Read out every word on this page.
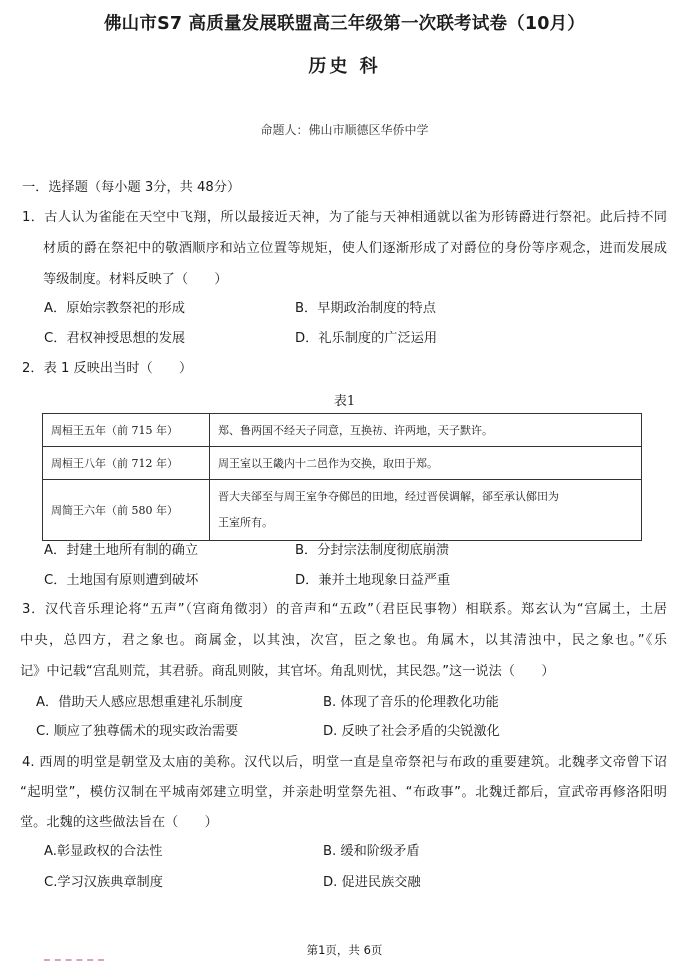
佛山市S7 高质量发展联盟高三年级第一次联考试卷（10月）
历史 科
命题人：佛山市顺德区华侨中学
一．选择题（每小题 3分，共 48分）
1．古人认为雀能在天空中飞翔，所以最接近天神，为了能与天神相通就以雀为形铸爵进行祭祀。此后持不同
材质的爵在祭祀中的敬酒顺序和站立位置等规矩，使人们逐渐形成了对爵位的身份等序观念，进而发展成
等级制度。材料反映了（　　）
A．原始宗教祭祀的形成	B．早期政治制度的特点
C．君权神授思想的发展	D．礼乐制度的广泛运用
2．表 1 反映出当时（　　）
表1
周桓王五年（前 715 年）	郑、鲁两国不经天子同意，互换祊、许两地，天子默许。
周桓王八年（前 712 年）	周王室以王畿内十二邑作为交换，取田于郑。
周简王六年（前 580 年）	晋大夫郤至与周王室争夺鄇邑的田地，经过晋侯调解，郤至承认鄇田为
王室所有。
A．封建土地所有制的确立	B．分封宗法制度彻底崩溃
C．土地国有原则遭到破坏	D．兼并土地现象日益严重
3．汉代音乐理论将“五声”（宫商角徵羽）的音声和“五政”（君臣民事物）相联系。郑玄认为“宫属土，土居
中央，总四方，君之象也。商属金，以其浊，次宫，臣之象也。角属木，以其清浊中，民之象也。”《乐
记》中记载“宫乱则荒，其君骄。商乱则陂，其官坏。角乱则忧，其民怨。”这一说法（　　）
A．借助天人感应思想重建礼乐制度	B. 体现了音乐的伦理教化功能
C. 顺应了独尊儒术的现实政治需要	D. 反映了社会矛盾的尖锐激化
4. 西周的明堂是朝堂及太庙的美称。汉代以后，明堂一直是皇帝祭祀与布政的重要建筑。北魏孝文帝曾下诏
“起明堂”，模仿汉制在平城南郊建立明堂，并亲赴明堂祭先祖、“布政事”。北魏迁都后，宣武帝再修洛阳明
堂。北魏的这些做法旨在（　　）
A.彰显政权的合法性	B. 缓和阶级矛盾
C.学习汉族典章制度	D. 促进民族交融
第1页，共 6页
